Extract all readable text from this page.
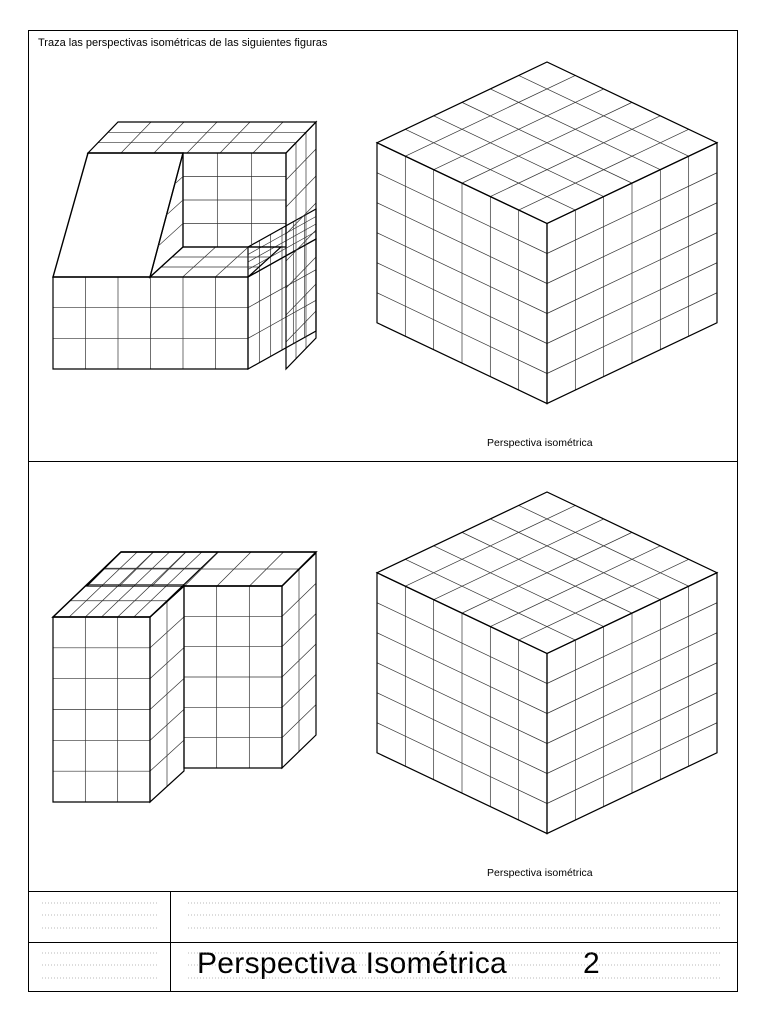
Traza las perspectivas isométricas de las siguientes figuras
Perspectiva isométrica
Perspectiva isométrica
Perspectiva Isométrica	2
